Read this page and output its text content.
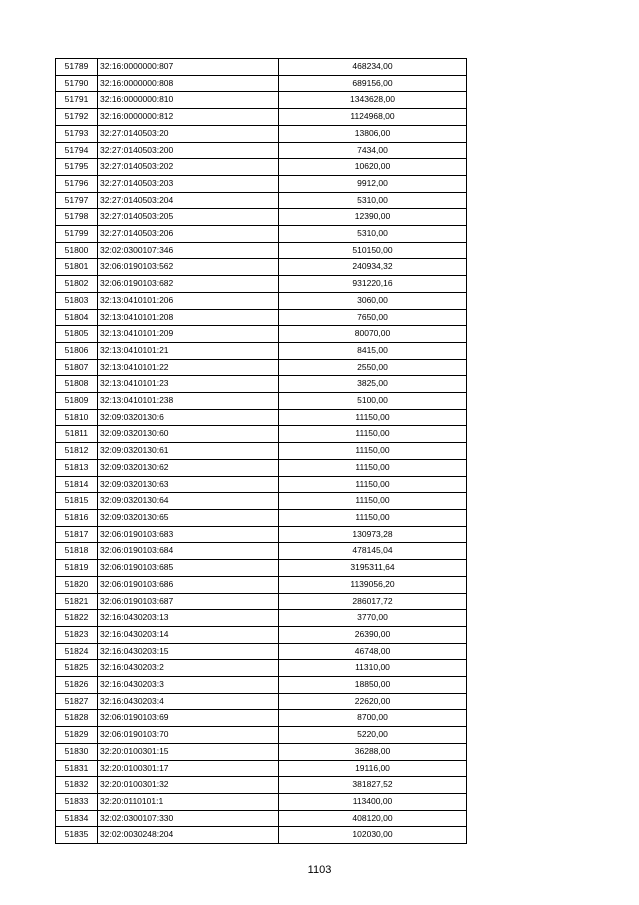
51789	32:16:0000000:807	468234,00
51790	32:16:0000000:808	689156,00
51791	32:16:0000000:810	1343628,00
51792	32:16:0000000:812	1124968,00
51793	32:27:0140503:20	13806,00
51794	32:27:0140503:200	7434,00
51795	32:27:0140503:202	10620,00
51796	32:27:0140503:203	9912,00
51797	32:27:0140503:204	5310,00
51798	32:27:0140503:205	12390,00
51799	32:27:0140503:206	5310,00
51800	32:02:0300107:346	510150,00
51801	32:06:0190103:562	240934,32
51802	32:06:0190103:682	931220,16
51803	32:13:0410101:206	3060,00
51804	32:13:0410101:208	7650,00
51805	32:13:0410101:209	80070,00
51806	32:13:0410101:21	8415,00
51807	32:13:0410101:22	2550,00
51808	32:13:0410101:23	3825,00
51809	32:13:0410101:238	5100,00
51810	32:09:0320130:6	11150,00
51811	32:09:0320130:60	11150,00
51812	32:09:0320130:61	11150,00
51813	32:09:0320130:62	11150,00
51814	32:09:0320130:63	11150,00
51815	32:09:0320130:64	11150,00
51816	32:09:0320130:65	11150,00
51817	32:06:0190103:683	130973,28
51818	32:06:0190103:684	478145,04
51819	32:06:0190103:685	3195311,64
51820	32:06:0190103:686	1139056,20
51821	32:06:0190103:687	286017,72
51822	32:16:0430203:13	3770,00
51823	32:16:0430203:14	26390,00
51824	32:16:0430203:15	46748,00
51825	32:16:0430203:2	11310,00
51826	32:16:0430203:3	18850,00
51827	32:16:0430203:4	22620,00
51828	32:06:0190103:69	8700,00
51829	32:06:0190103:70	5220,00
51830	32:20:0100301:15	36288,00
51831	32:20:0100301:17	19116,00
51832	32:20:0100301:32	381827,52
51833	32:20:0110101:1	113400,00
51834	32:02:0300107:330	408120,00
51835	32:02:0030248:204	102030,00
1103
